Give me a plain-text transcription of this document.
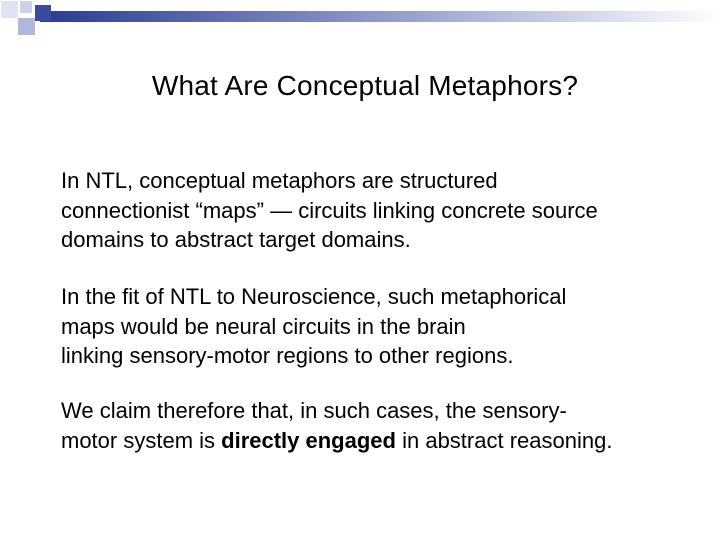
What Are Conceptual Metaphors?

In NTL, conceptual metaphors are structured
connectionist “maps” — circuits linking concrete source
domains to abstract target domains.

In the fit of NTL to Neuroscience, such metaphorical
maps would be neural circuits in the brain
linking sensory-motor regions to other regions.

We claim therefore that, in such cases, the sensory-
motor system is directly engaged in abstract reasoning.
